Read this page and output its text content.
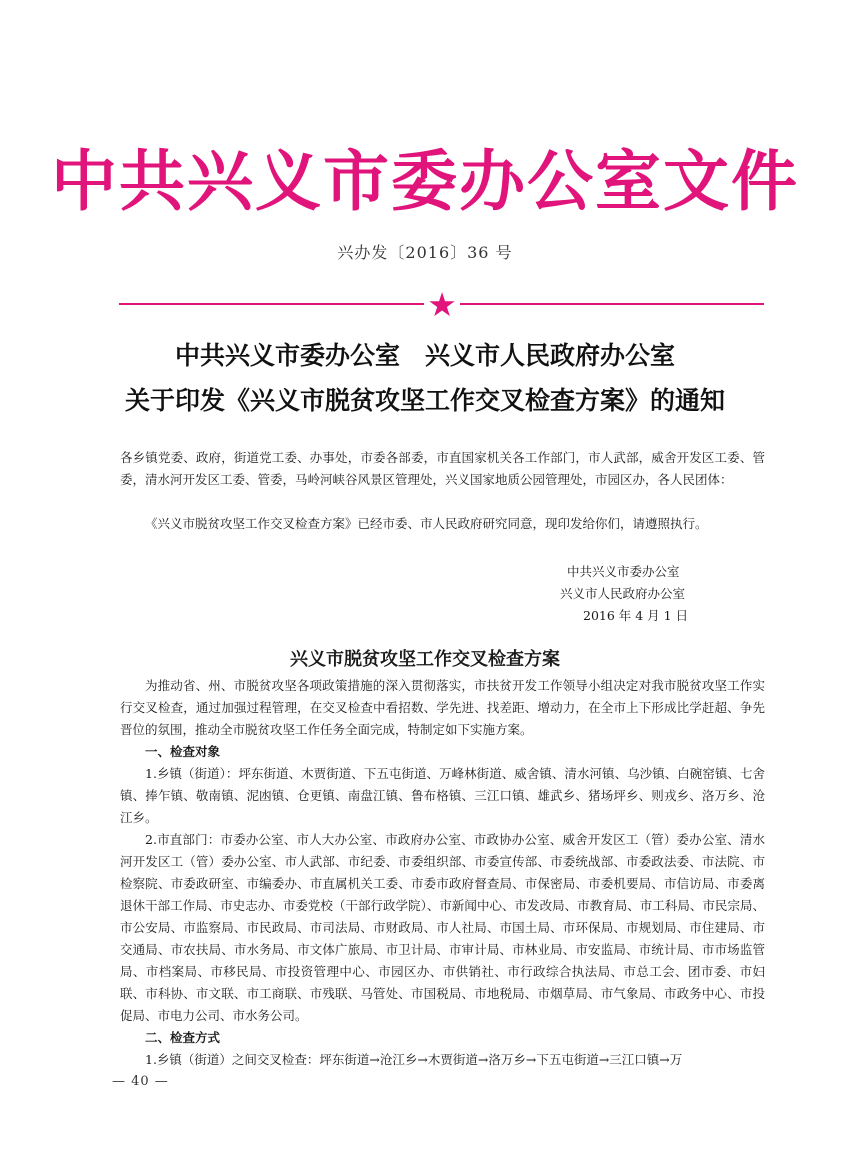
中共兴义市委办公室文件
兴办发〔2016〕36 号
★
中共兴义市委办公室　兴义市人民政府办公室
关于印发《兴义市脱贫攻坚工作交叉检查方案》的通知
各乡镇党委、政府，街道党工委、办事处，市委各部委，市直国家机关各工作部门，市人武部，威舍开发区工委、管委，清水河开发区工委、管委，马岭河峡谷风景区管理处，兴义国家地质公园管理处，市园区办，各人民团体：
《兴义市脱贫攻坚工作交叉检查方案》已经市委、市人民政府研究同意，现印发给你们，请遵照执行。
中共兴义市委办公室
兴义市人民政府办公室
2016 年 4 月 1 日
兴义市脱贫攻坚工作交叉检查方案

为推动省、州、市脱贫攻坚各项政策措施的深入贯彻落实，市扶贫开发工作领导小组决定对我市脱贫攻坚工作实行交叉检查，通过加强过程管理，在交叉检查中看招数、学先进、找差距、增动力，在全市上下形成比学赶超、争先晋位的氛围，推动全市脱贫攻坚工作任务全面完成，特制定如下实施方案。

一、检查对象

1.乡镇（街道）：坪东街道、木贾街道、下五屯街道、万峰林街道、威舍镇、清水河镇、乌沙镇、白碗窑镇、七舍镇、捧乍镇、敬南镇、泥凼镇、仓更镇、南盘江镇、鲁布格镇、三江口镇、雄武乡、猪场坪乡、则戎乡、洛万乡、沧江乡。

2.市直部门：市委办公室、市人大办公室、市政府办公室、市政协办公室、威舍开发区工（管）委办公室、清水河开发区工（管）委办公室、市人武部、市纪委、市委组织部、市委宣传部、市委统战部、市委政法委、市法院、市检察院、市委政研室、市编委办、市直属机关工委、市委市政府督查局、市保密局、市委机要局、市信访局、市委离退休干部工作局、市史志办、市委党校（干部行政学院）、市新闻中心、市发改局、市教育局、市工科局、市民宗局、市公安局、市监察局、市民政局、市司法局、市财政局、市人社局、市国土局、市环保局、市规划局、市住建局、市交通局、市农扶局、市水务局、市文体广旅局、市卫计局、市审计局、市林业局、市安监局、市统计局、市市场监管局、市档案局、市移民局、市投资管理中心、市园区办、市供销社、市行政综合执法局、市总工会、团市委、市妇联、市科协、市文联、市工商联、市残联、马管处、市国税局、市地税局、市烟草局、市气象局、市政务中心、市投促局、市电力公司、市水务公司。

二、检查方式

1.乡镇（街道）之间交叉检查：坪东街道→沧江乡→木贾街道→洛万乡→下五屯街道→三江口镇→万

— 40 —
